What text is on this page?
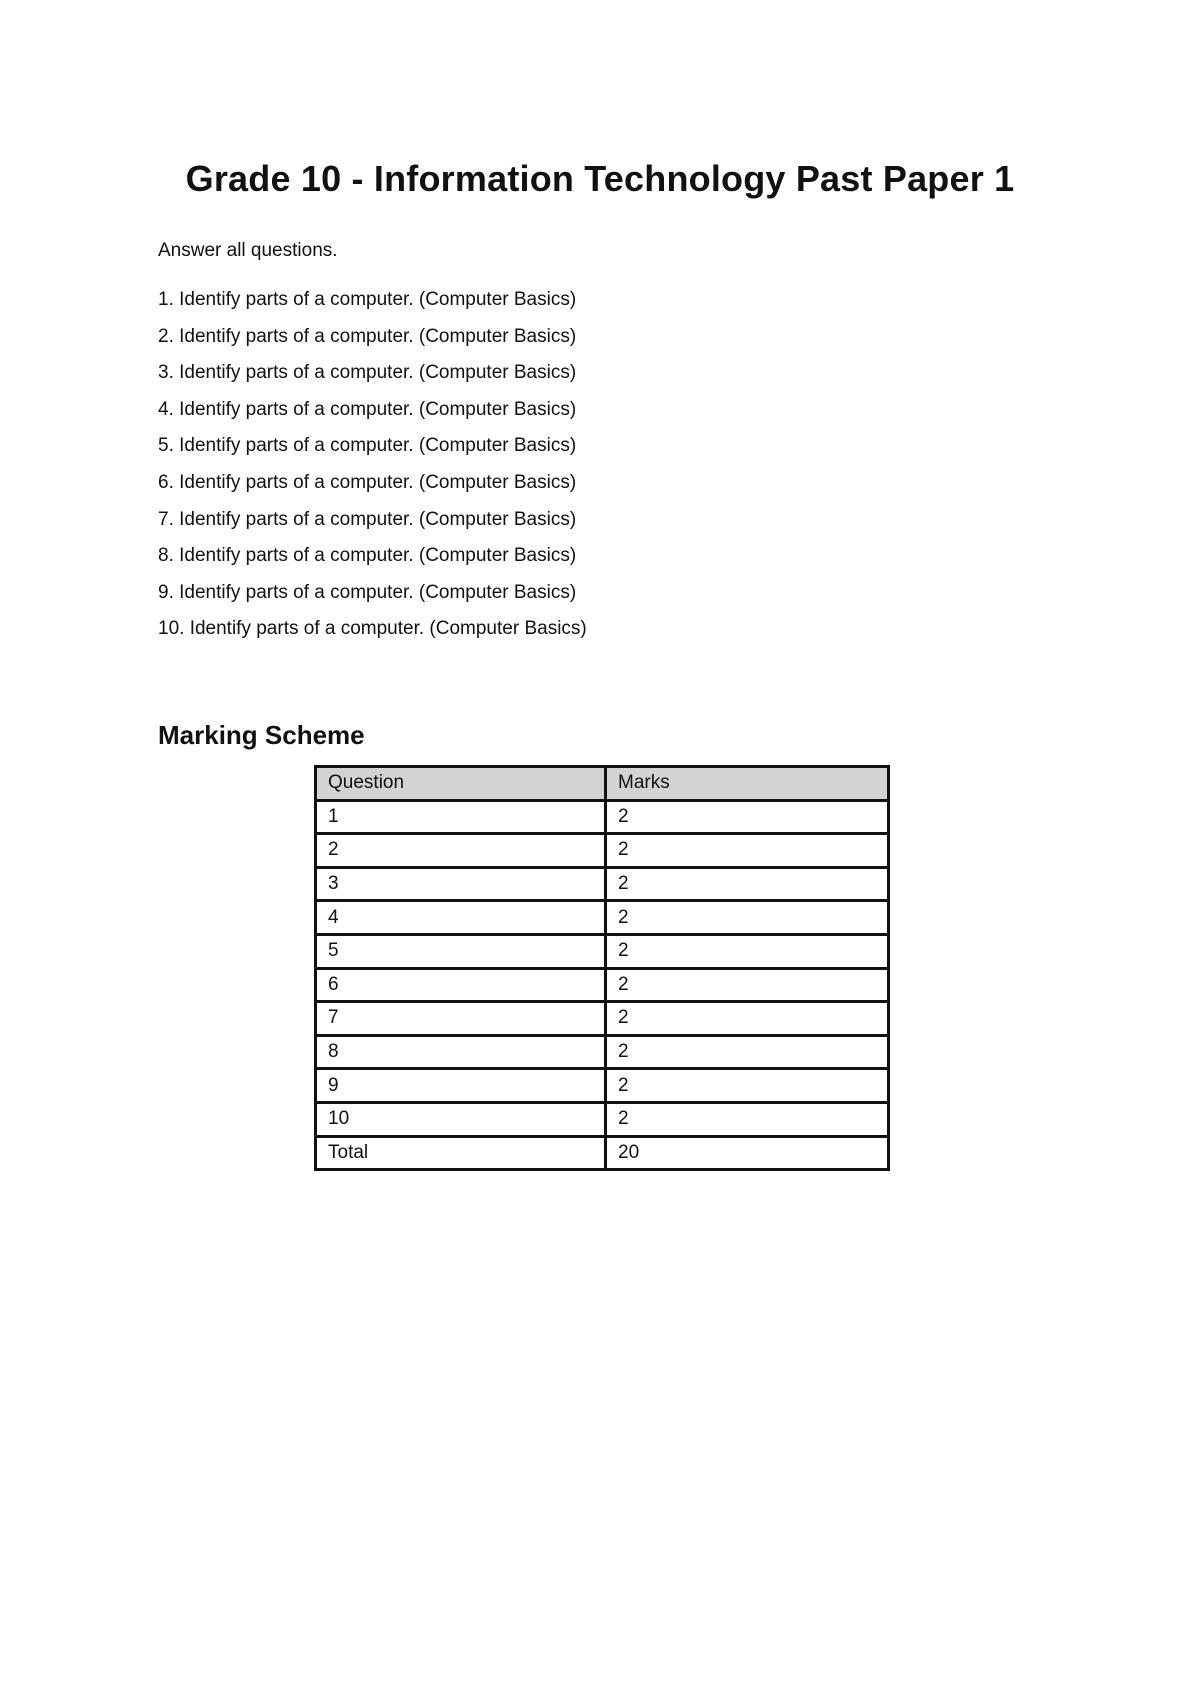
Grade 10 - Information Technology Past Paper 1

Answer all questions.

1. Identify parts of a computer. (Computer Basics)
2. Identify parts of a computer. (Computer Basics)
3. Identify parts of a computer. (Computer Basics)
4. Identify parts of a computer. (Computer Basics)
5. Identify parts of a computer. (Computer Basics)
6. Identify parts of a computer. (Computer Basics)
7. Identify parts of a computer. (Computer Basics)
8. Identify parts of a computer. (Computer Basics)
9. Identify parts of a computer. (Computer Basics)
10. Identify parts of a computer. (Computer Basics)
Marking Scheme
Question	Marks
1	2
2	2
3	2
4	2
5	2
6	2
7	2
8	2
9	2
10	2
Total	20
